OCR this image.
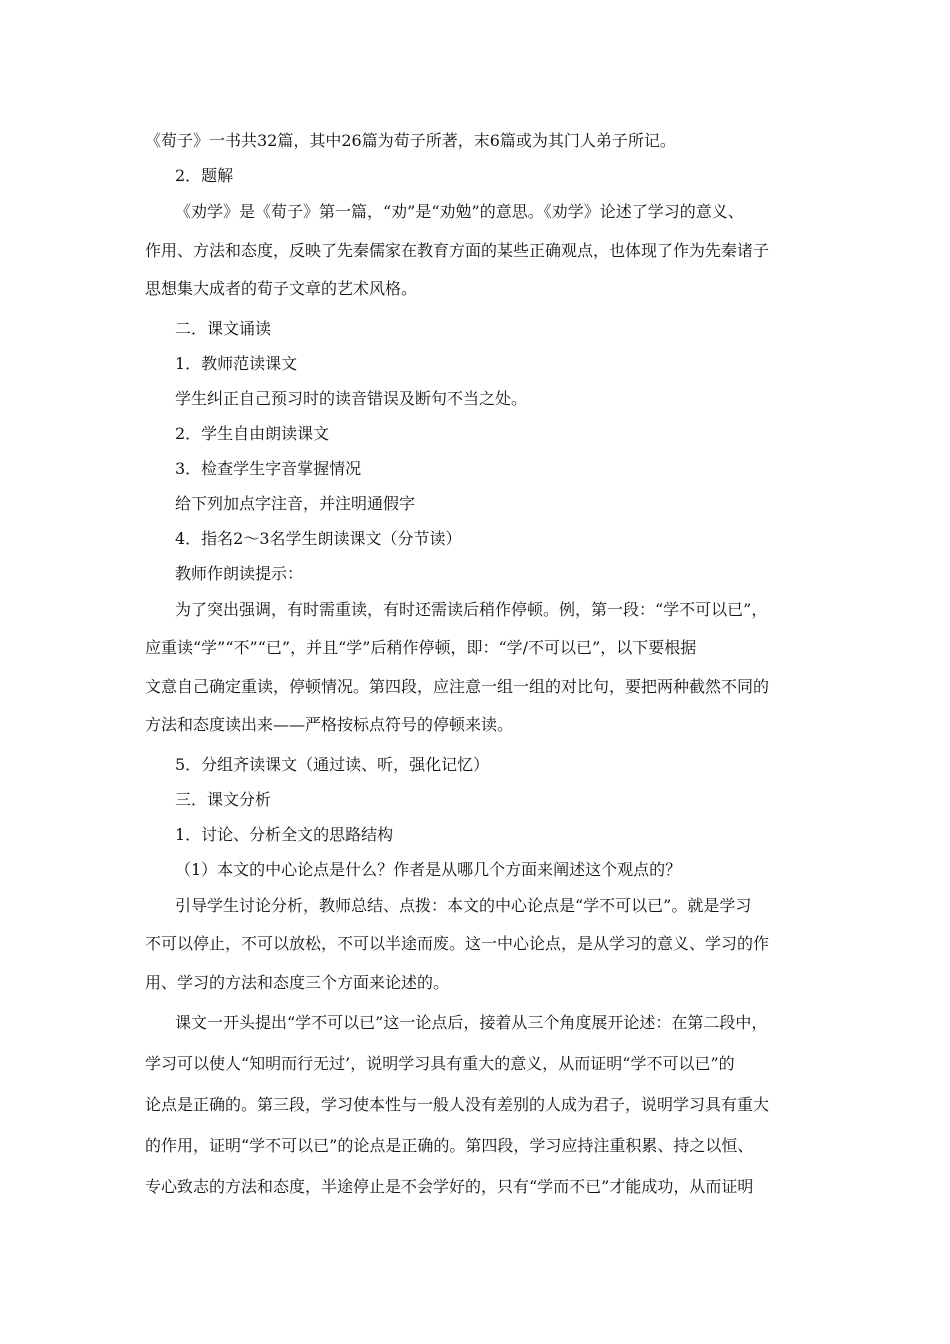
《荀子》一书共32篇，其中26篇为荀子所著，末6篇或为其门人弟子所记。

2．题解

《劝学》是《荀子》第一篇，“劝”是“劝勉”的意思。《劝学》论述了学习的意义、

作用、方法和态度，反映了先秦儒家在教育方面的某些正确观点，也体现了作为先秦诸子

思想集大成者的荀子文章的艺术风格。

二．课文诵读

1．教师范读课文

学生纠正自己预习时的读音错误及断句不当之处。

2．学生自由朗读课文

3．检查学生字音掌握情况

给下列加点字注音，并注明通假字

4．指名2～3名学生朗读课文（分节读）

教师作朗读提示：

为了突出强调，有时需重读，有时还需读后稍作停顿。例，第一段：“学不可以已”，

应重读“学”“不”“已”，并且“学”后稍作停顿，即：“学/不可以已”，以下要根据

文意自己确定重读，停顿情况。第四段，应注意一组一组的对比句，要把两种截然不同的

方法和态度读出来——严格按标点符号的停顿来读。

5．分组齐读课文（通过读、听，强化记忆）

三．课文分析

1．讨论、分析全文的思路结构

（1）本文的中心论点是什么？作者是从哪几个方面来阐述这个观点的？

引导学生讨论分析，教师总结、点拨：本文的中心论点是“学不可以已”。就是学习

不可以停止，不可以放松，不可以半途而废。这一中心论点，是从学习的意义、学习的作

用、学习的方法和态度三个方面来论述的。

课文一开头提出“学不可以已”这一论点后，接着从三个角度展开论述：在第二段中，

学习可以使人“知明而行无过’，说明学习具有重大的意义，从而证明“学不可以已”的

论点是正确的。第三段，学习使本性与一般人没有差别的人成为君子，说明学习具有重大

的作用，证明“学不可以已”的论点是正确的。第四段，学习应持注重积累、持之以恒、

专心致志的方法和态度，半途停止是不会学好的，只有“学而不已”才能成功，从而证明
